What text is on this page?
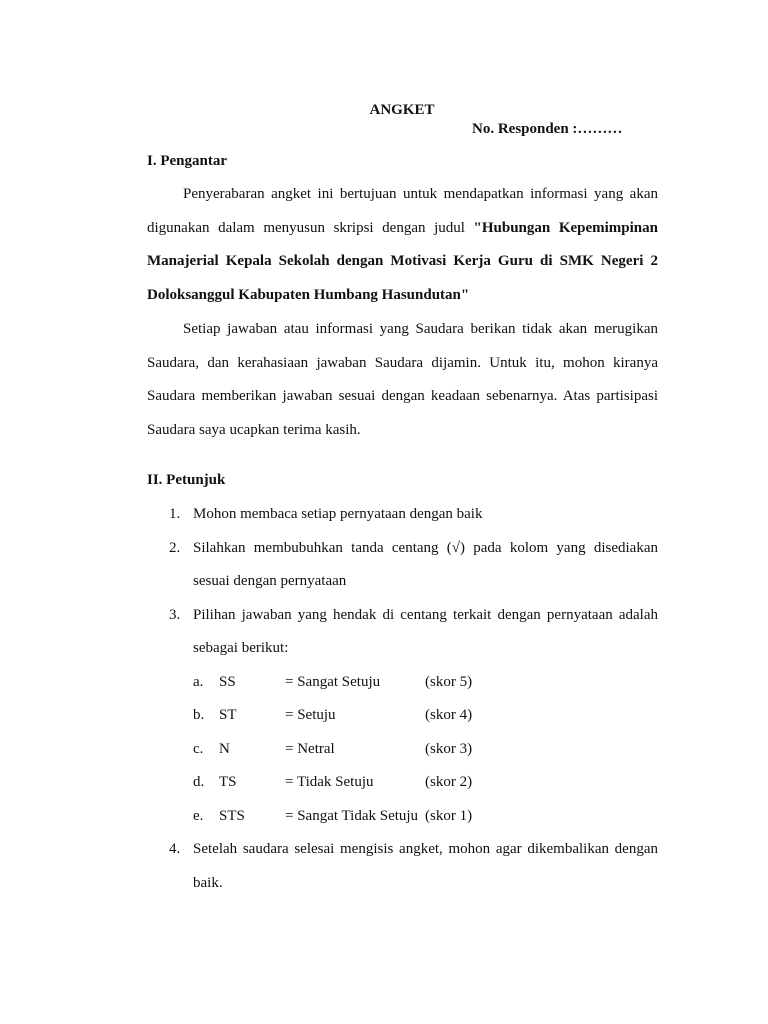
ANGKET

No. Responden :………

I. Pengantar

Penyerabaran angket ini bertujuan untuk mendapatkan informasi yang akan digunakan dalam menyusun skripsi dengan judul "Hubungan Kepemimpinan Manajerial Kepala Sekolah dengan Motivasi Kerja Guru di SMK Negeri 2 Doloksanggul Kabupaten Humbang Hasundutan"

Setiap jawaban atau informasi yang Saudara berikan tidak akan merugikan Saudara, dan kerahasiaan jawaban Saudara dijamin. Untuk itu, mohon kiranya Saudara memberikan jawaban sesuai dengan keadaan sebenarnya. Atas partisipasi Saudara saya ucapkan terima kasih.

II. Petunjuk

1. Mohon membaca setiap pernyataan dengan baik
2. Silahkan membubuhkan tanda centang (√) pada kolom yang disediakan sesuai dengan pernyataan
3. Pilihan jawaban yang hendak di centang terkait dengan pernyataan adalah sebagai berikut:
a. SS	= Sangat Setuju	(skor 5)
b. ST	= Setuju	(skor 4)
c. N	= Netral	(skor 3)
d. TS	= Tidak Setuju	(skor 2)
e. STS	= Sangat Tidak Setuju (skor 1)
4. Setelah saudara selesai mengisis angket, mohon agar dikembalikan dengan baik.
